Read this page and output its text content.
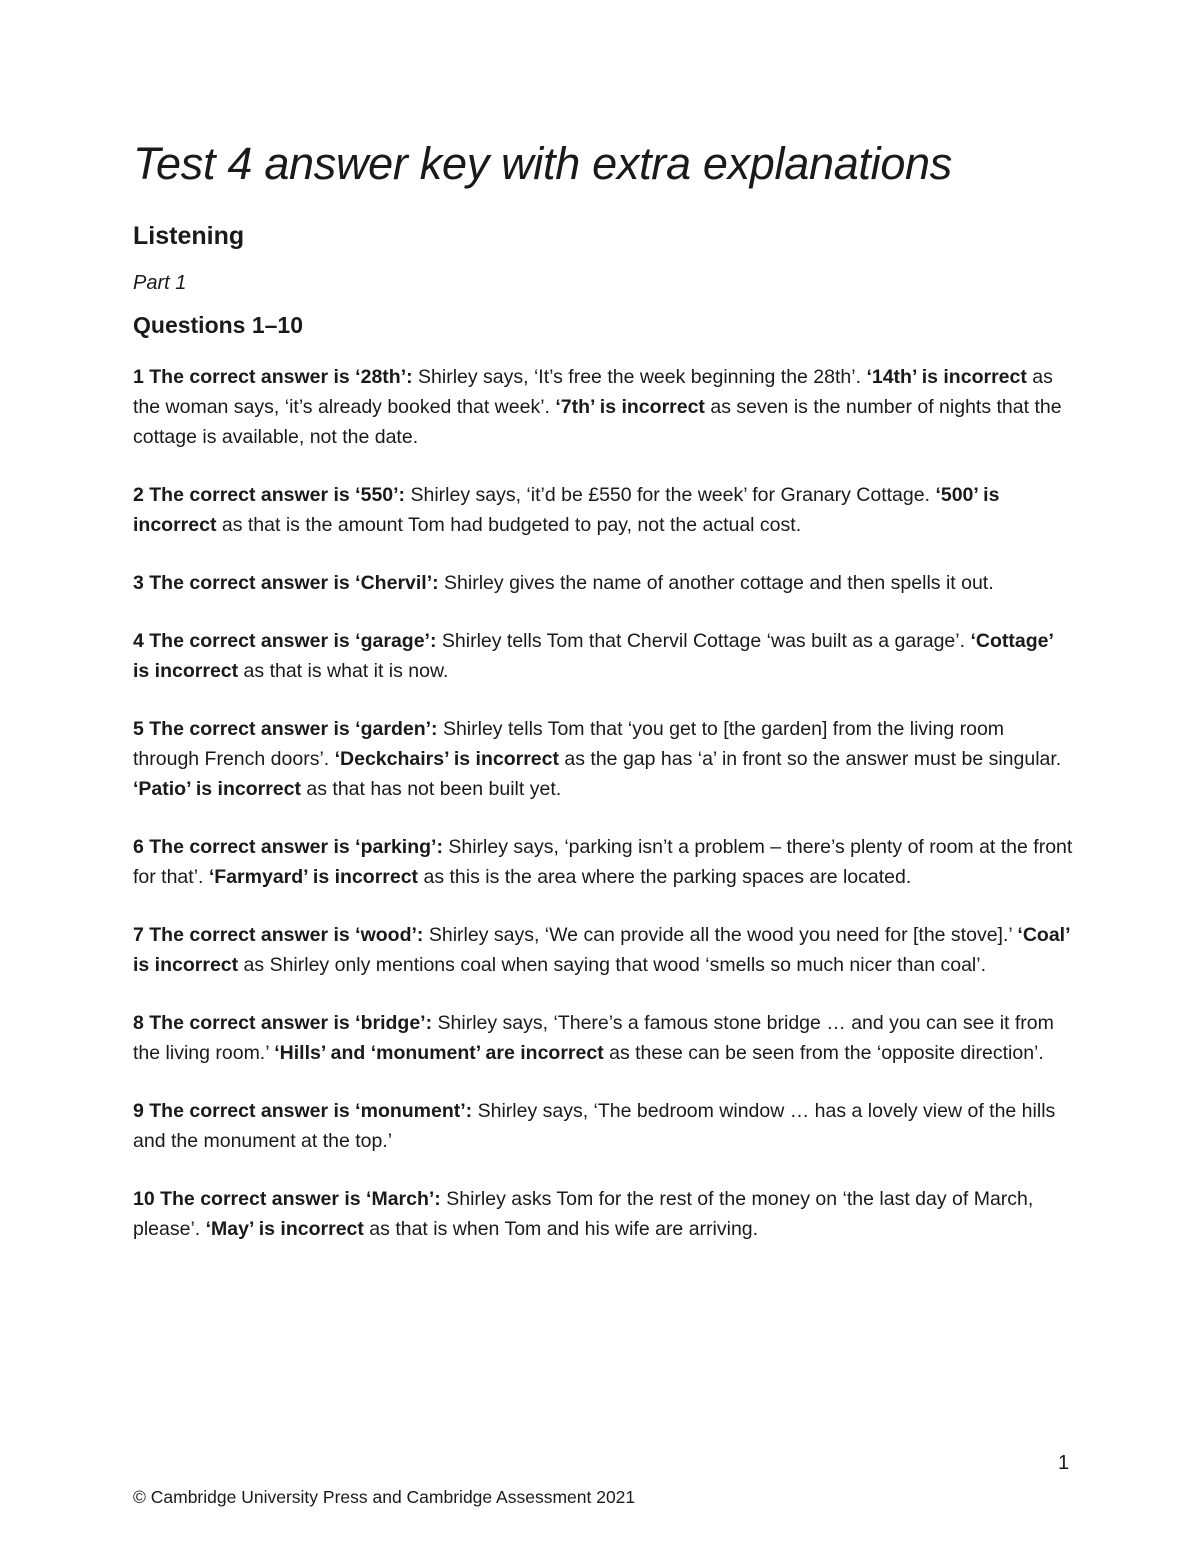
Test 4 answer key with extra explanations
Listening
Part 1
Questions 1–10

1 The correct answer is ‘28th’: Shirley says, ‘It’s free the week beginning the 28th’. ‘14th’ is incorrect as the woman says, ‘it’s already booked that week’. ‘7th’ is incorrect as seven is the number of nights that the cottage is available, not the date.

2 The correct answer is ‘550’: Shirley says, ‘it’d be £550 for the week’ for Granary Cottage. ‘500’ is incorrect as that is the amount Tom had budgeted to pay, not the actual cost.

3 The correct answer is ‘Chervil’: Shirley gives the name of another cottage and then spells it out.

4 The correct answer is ‘garage’: Shirley tells Tom that Chervil Cottage ‘was built as a garage’. ‘Cottage’ is incorrect as that is what it is now.

5 The correct answer is ‘garden’: Shirley tells Tom that ‘you get to [the garden] from the living room through French doors’. ‘Deckchairs’ is incorrect as the gap has ‘a’ in front so the answer must be singular. ‘Patio’ is incorrect as that has not been built yet.

6 The correct answer is ‘parking’: Shirley says, ‘parking isn’t a problem – there’s plenty of room at the front for that’. ‘Farmyard’ is incorrect as this is the area where the parking spaces are located.

7 The correct answer is ‘wood’: Shirley says, ‘We can provide all the wood you need for [the stove].’ ‘Coal’ is incorrect as Shirley only mentions coal when saying that wood ‘smells so much nicer than coal’.

8 The correct answer is ‘bridge’: Shirley says, ‘There’s a famous stone bridge … and you can see it from the living room.’ ‘Hills’ and ‘monument’ are incorrect as these can be seen from the ‘opposite direction’.

9 The correct answer is ‘monument’: Shirley says, ‘The bedroom window … has a lovely view of the hills and the monument at the top.’

10 The correct answer is ‘March’: Shirley asks Tom for the rest of the money on ‘the last day of March, please’. ‘May’ is incorrect as that is when Tom and his wife are arriving.

1
© Cambridge University Press and Cambridge Assessment 2021
